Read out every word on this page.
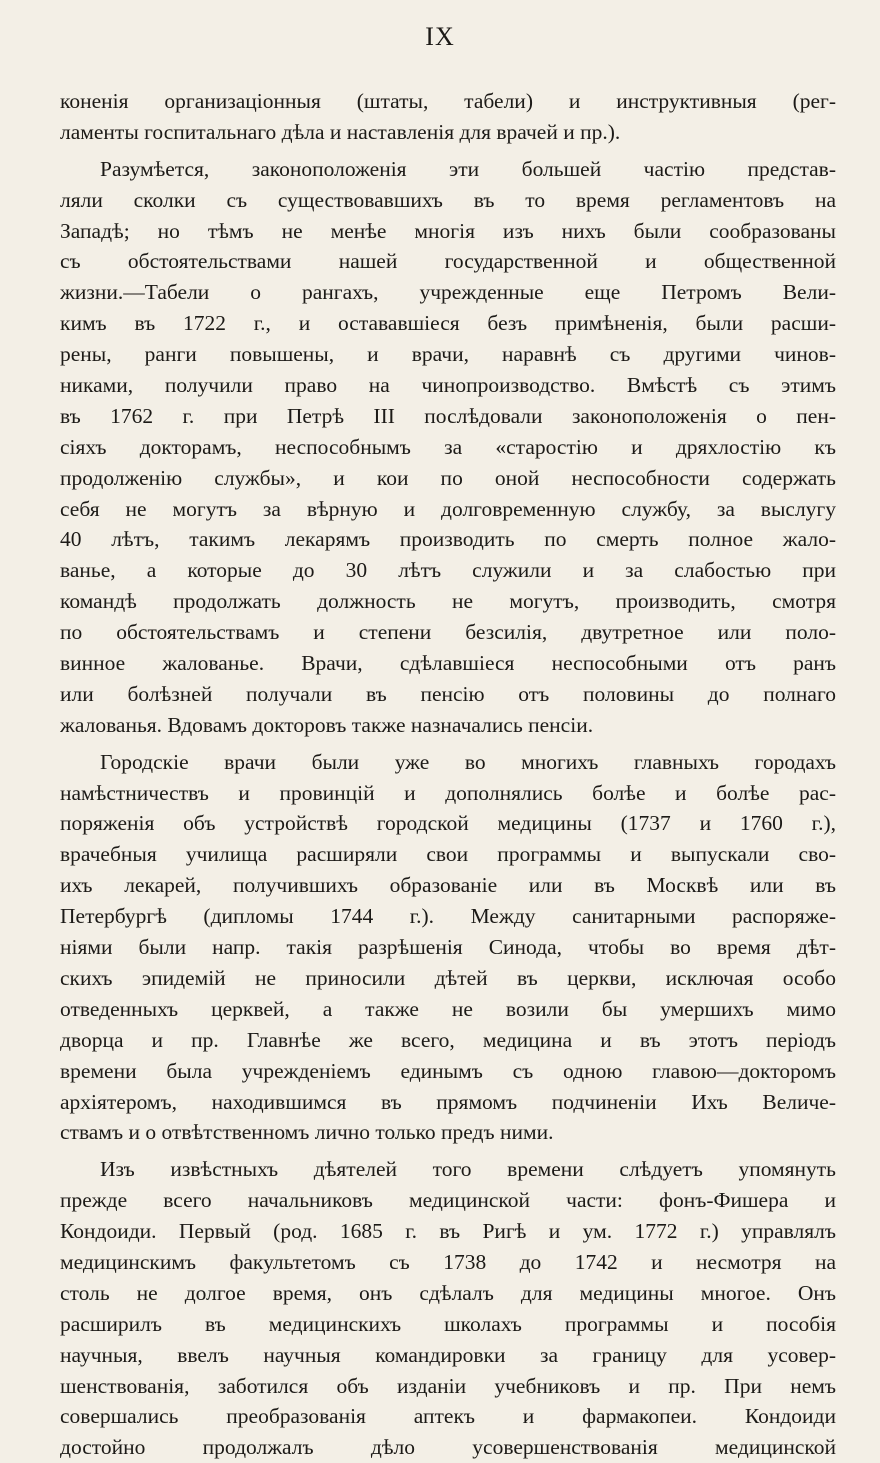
IX
коненія организаціонныя (штаты, табели) и инструктивныя (рег-
ламенты госпитальнаго дѣла и наставленія для врачей и пр.).
Разумѣется, законоположенія эти большей частію представ-
ляли сколки съ существовавшихъ въ то время регламентовъ на
Западѣ; но тѣмъ не менѣе многія изъ нихъ были сообразованы
съ обстоятельствами нашей государственной и общественной
жизни.—Табели о рангахъ, учрежденные еще Петромъ Вели-
кимъ въ 1722 г., и остававшіеся безъ примѣненія, были расши-
рены, ранги повышены, и врачи, наравнѣ съ другими чинов-
никами, получили право на чинопроизводство. Вмѣстѣ съ этимъ
въ 1762 г. при Петрѣ III послѣдовали законоположенія о пен-
сіяхъ докторамъ, неспособнымъ за «старостію и дряхлостію къ
продолженію службы», и кои по оной неспособности содержать
себя не могутъ за вѣрную и долговременную службу, за выслугу
40 лѣтъ, такимъ лекарямъ производить по смерть полное жало-
ванье, а которые до 30 лѣтъ служили и за слабостью при
командѣ продолжать должность не могутъ, производить, смотря
по обстоятельствамъ и степени безсилія, двутретное или поло-
винное жалованье. Врачи, сдѣлавшіеся неспособными отъ ранъ
или болѣзней получали въ пенсію отъ половины до полнаго
жалованья. Вдовамъ докторовъ также назначались пенсіи.
Городскіе врачи были уже во многихъ главныхъ городахъ
намѣстничествъ и провинцій и дополнялись болѣе и болѣе рас-
поряженія объ устройствѣ городской медицины (1737 и 1760 г.),
врачебныя училища расширяли свои программы и выпускали сво-
ихъ лекарей, получившихъ образованіе или въ Москвѣ или въ
Петербургѣ (дипломы 1744 г.). Между санитарными распоряже-
ніями были напр. такія разрѣшенія Синода, чтобы во время дѣт-
скихъ эпидемій не приносили дѣтей въ церкви, исключая особо
отведенныхъ церквей, а также не возили бы умершихъ мимо
дворца и пр. Главнѣе же всего, медицина и въ этотъ періодъ
времени была учрежденіемъ единымъ съ одною главою—докторомъ
архіятеромъ, находившимся въ прямомъ подчиненіи Ихъ Величе-
ствамъ и о отвѣтственномъ лично только предъ ними.
Изъ извѣстныхъ дѣятелей того времени слѣдуетъ упомянуть
прежде всего начальниковъ медицинской части: фонъ-Фишера и
Кондоиди. Первый (род. 1685 г. въ Ригѣ и ум. 1772 г.) управлялъ
медицинскимъ факультетомъ съ 1738 до 1742 и несмотря на
столь не долгое время, онъ сдѣлалъ для медицины многое. Онъ
расширилъ въ медицинскихъ школахъ программы и пособія
научныя, ввелъ научныя командировки за границу для усовер-
шенствованія, заботился объ изданіи учебниковъ и пр. При немъ
совершались преобразованія аптекъ и фармакопеи. Кондоиди
достойно продолжалъ дѣло усовершенствованія медицинской
